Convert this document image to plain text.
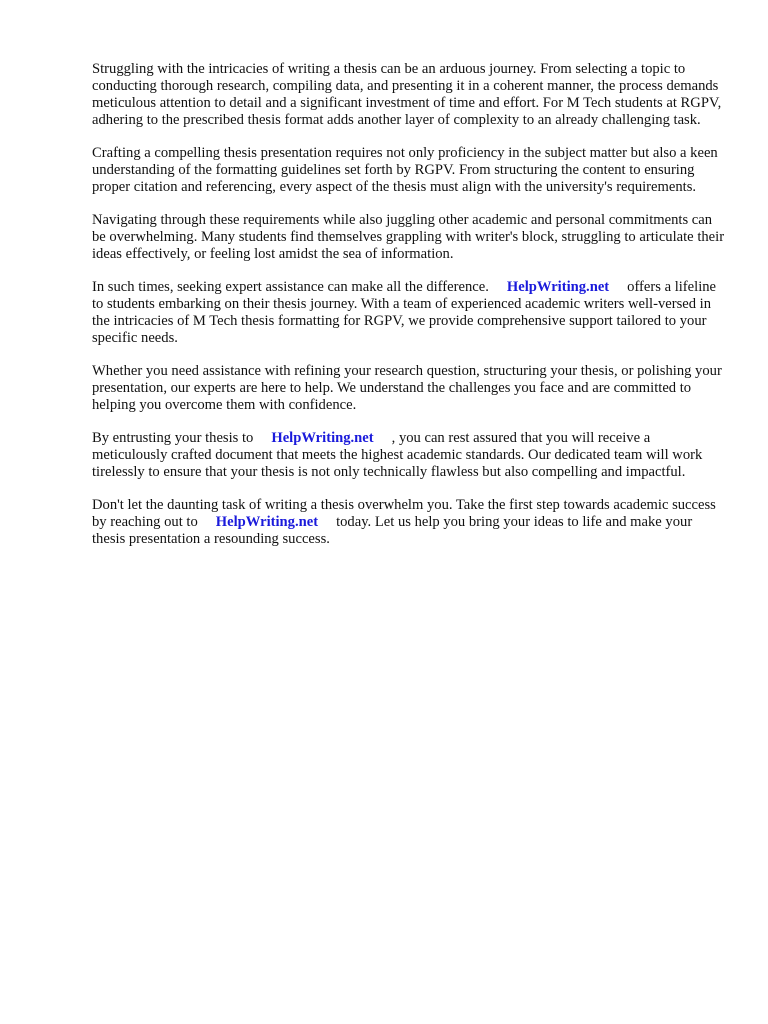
Struggling with the intricacies of writing a thesis can be an arduous journey. From selecting a topic to conducting thorough research, compiling data, and presenting it in a coherent manner, the process demands meticulous attention to detail and a significant investment of time and effort. For M Tech students at RGPV, adhering to the prescribed thesis format adds another layer of complexity to an already challenging task.

Crafting a compelling thesis presentation requires not only proficiency in the subject matter but also a keen understanding of the formatting guidelines set forth by RGPV. From structuring the content to ensuring proper citation and referencing, every aspect of the thesis must align with the university's requirements.

Navigating through these requirements while also juggling other academic and personal commitments can be overwhelming. Many students find themselves grappling with writer's block, struggling to articulate their ideas effectively, or feeling lost amidst the sea of information.

In such times, seeking expert assistance can make all the difference. HelpWriting.net offers a lifeline to students embarking on their thesis journey. With a team of experienced academic writers well-versed in the intricacies of M Tech thesis formatting for RGPV, we provide comprehensive support tailored to your specific needs.

Whether you need assistance with refining your research question, structuring your thesis, or polishing your presentation, our experts are here to help. We understand the challenges you face and are committed to helping you overcome them with confidence.

By entrusting your thesis to HelpWriting.net , you can rest assured that you will receive a meticulously crafted document that meets the highest academic standards. Our dedicated team will work tirelessly to ensure that your thesis is not only technically flawless but also compelling and impactful.

Don't let the daunting task of writing a thesis overwhelm you. Take the first step towards academic success by reaching out to HelpWriting.net today. Let us help you bring your ideas to life and make your thesis presentation a resounding success.
